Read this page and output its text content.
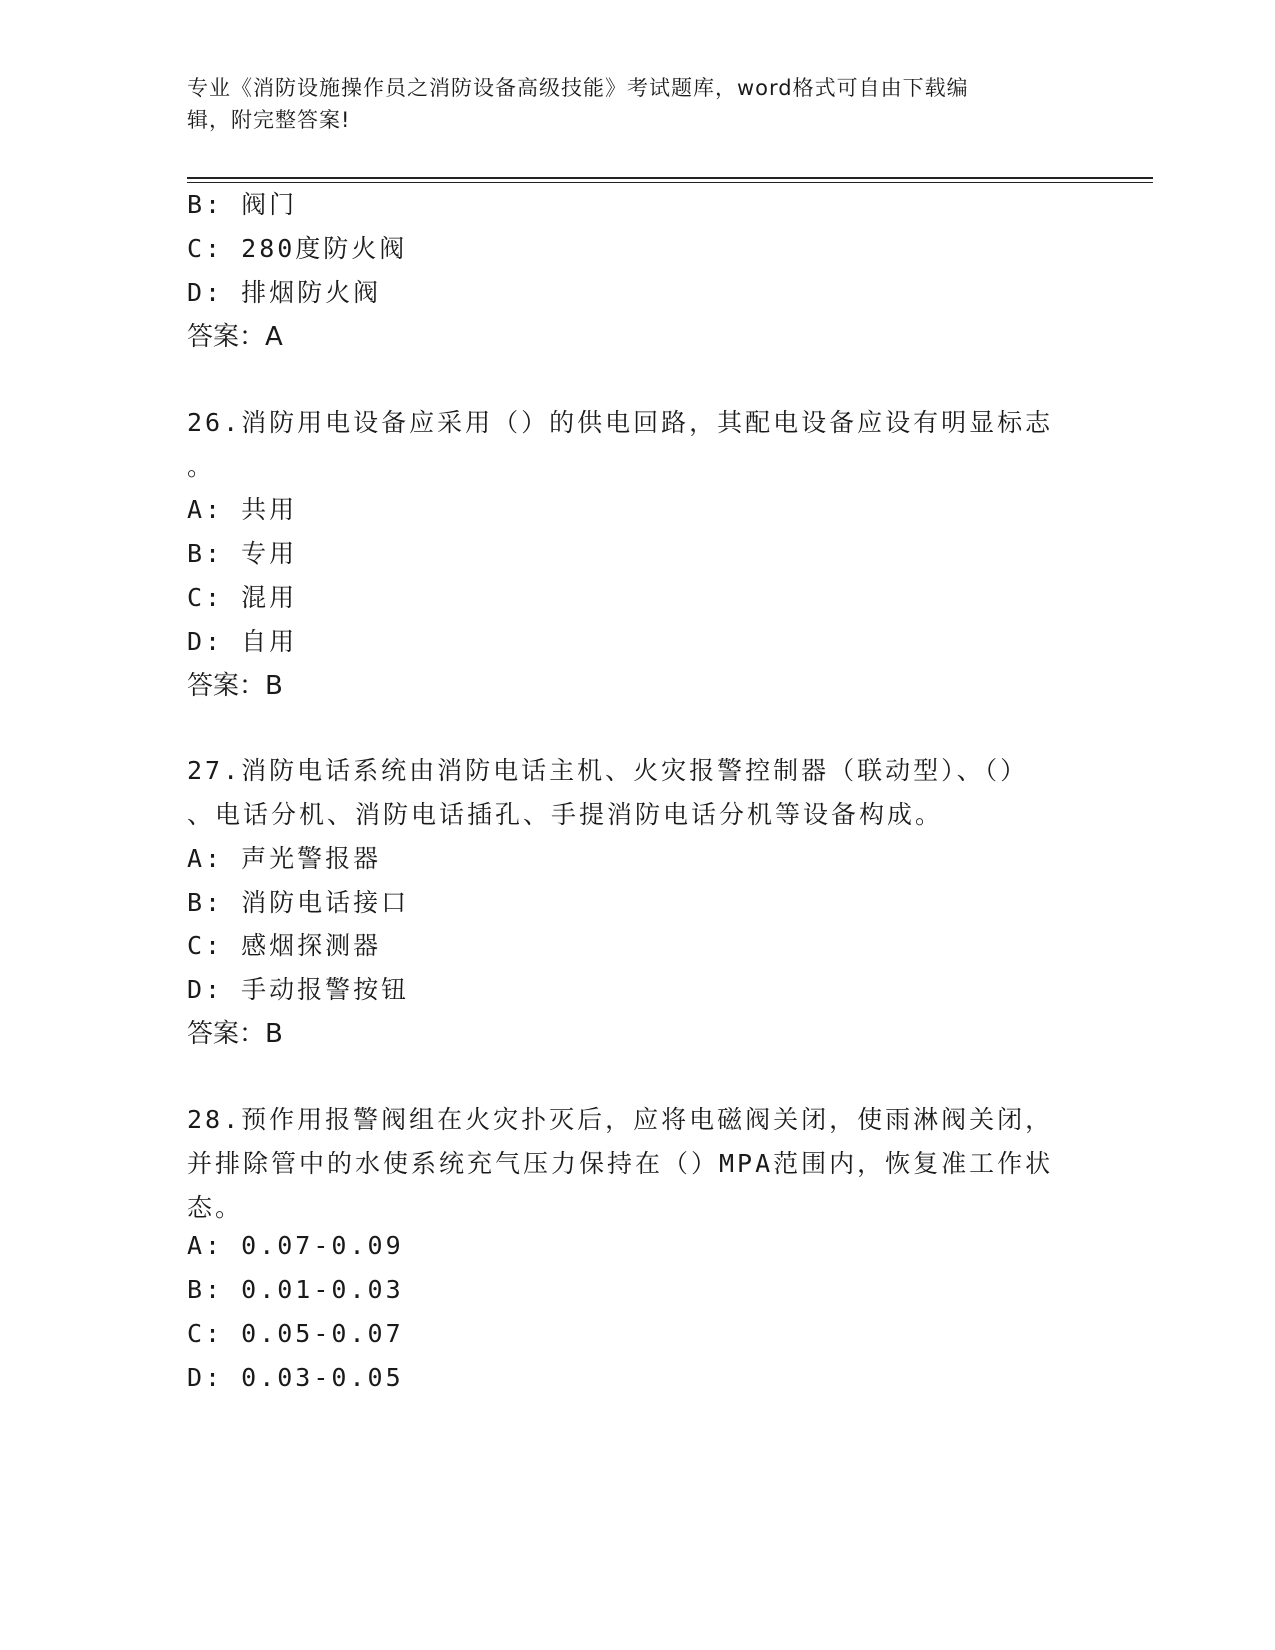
专业《消防设施操作员之消防设备高级技能》考试题库，word格式可自由下载编
辑，附完整答案!
B: 阀门
C: 280度防火阀
D: 排烟防火阀
答案：A
26.消防用电设备应采用（）的供电回路，其配电设备应设有明显标志
。
A: 共用
B: 专用
C: 混用
D: 自用
答案：B
27.消防电话系统由消防电话主机、火灾报警控制器（联动型）、（）
、电话分机、消防电话插孔、手提消防电话分机等设备构成。
A: 声光警报器
B: 消防电话接口
C: 感烟探测器
D: 手动报警按钮
答案：B
28.预作用报警阀组在火灾扑灭后，应将电磁阀关闭，使雨淋阀关闭，
并排除管中的水使系统充气压力保持在（）MPA范围内，恢复准工作状
态。
A: 0.07-0.09
B: 0.01-0.03
C: 0.05-0.07
D: 0.03-0.05
